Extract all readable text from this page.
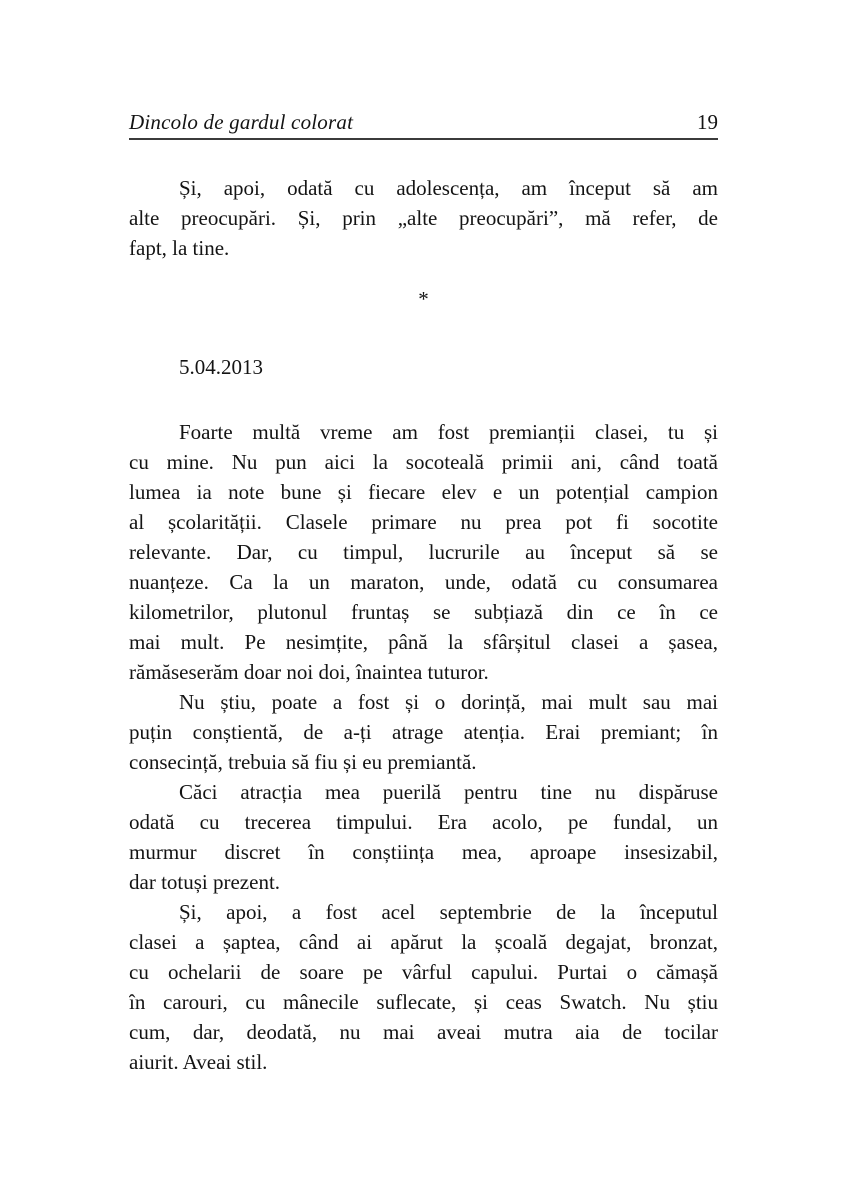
Dincolo de gardul colorat	19
Și, apoi, odată cu adolescența, am început să am
alte preocupări. Și, prin „alte preocupări”, mă refer, de
fapt, la tine.
*
5.04.2013
Foarte multă vreme am fost premianții clasei, tu și
cu mine. Nu pun aici la socoteală primii ani, când toată
lumea ia note bune și fiecare elev e un potențial campion
al școlarității. Clasele primare nu prea pot fi socotite
relevante. Dar, cu timpul, lucrurile au început să se
nuanțeze. Ca la un maraton, unde, odată cu consumarea
kilometrilor, plutonul fruntaș se subțiază din ce în ce
mai mult. Pe nesimțite, până la sfârșitul clasei a șasea,
rămăseserăm doar noi doi, înaintea tuturor.
Nu știu, poate a fost și o dorință, mai mult sau mai
puțin conștientă, de a-ți atrage atenția. Erai premiant; în
consecință, trebuia să fiu și eu premiantă.
Căci atracția mea puerilă pentru tine nu dispăruse
odată cu trecerea timpului. Era acolo, pe fundal, un
murmur discret în conștiința mea, aproape insesizabil,
dar totuși prezent.
Și, apoi, a fost acel septembrie de la începutul
clasei a șaptea, când ai apărut la școală degajat, bronzat,
cu ochelarii de soare pe vârful capului. Purtai o cămașă
în carouri, cu mânecile suflecate, și ceas Swatch. Nu știu
cum, dar, deodată, nu mai aveai mutra aia de tocilar
aiurit. Aveai stil.
